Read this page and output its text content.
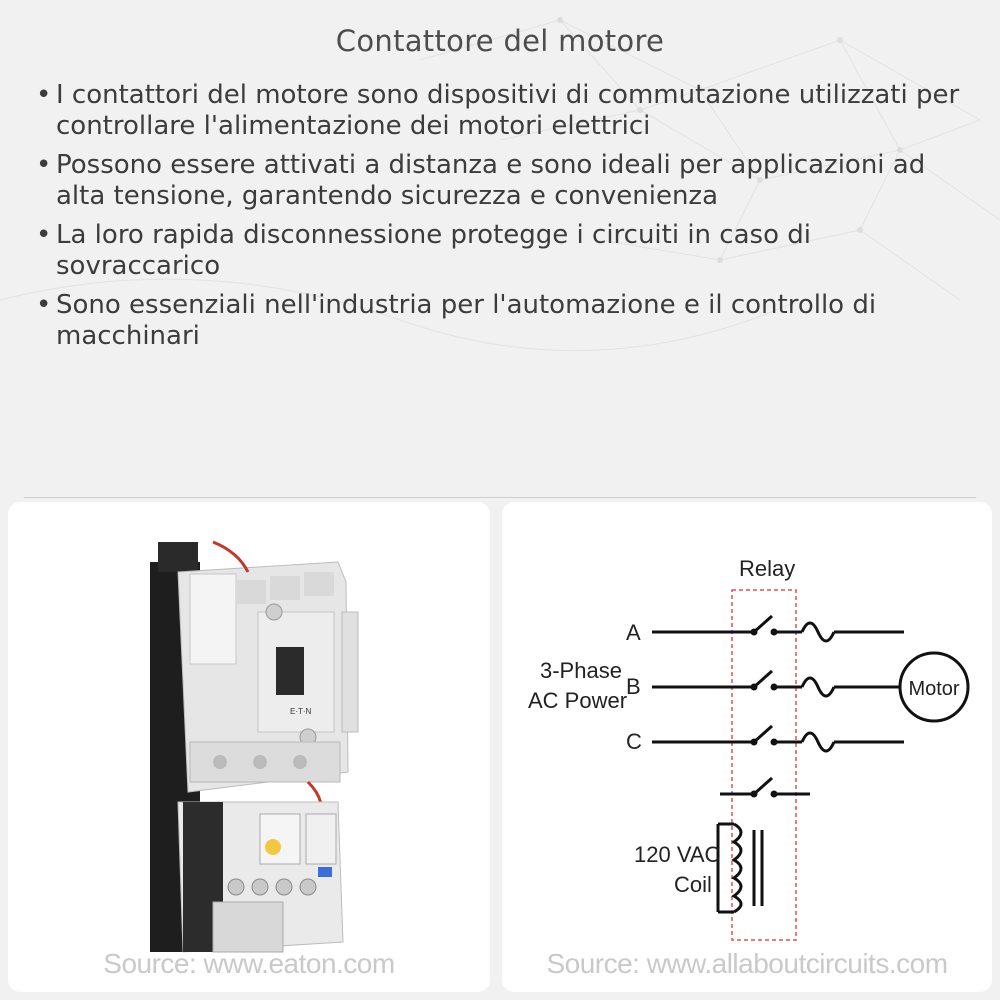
Contattore del motore
• I contattori del motore sono dispositivi di commutazione utilizzati per controllare l'alimentazione dei motori elettrici
• Possono essere attivati a distanza e sono ideali per applicazioni ad alta tensione, garantendo sicurezza e convenienza
• La loro rapida disconnessione protegge i circuiti in caso di sovraccarico
• Sono essenziali nell'industria per l'automazione e il controllo di macchinari
E·T·N
Source: www.eaton.com
Relay
A
B
C
3-Phase
AC Power	Motor
120 VAC
Coil
Source: www.allaboutcircuits.com
